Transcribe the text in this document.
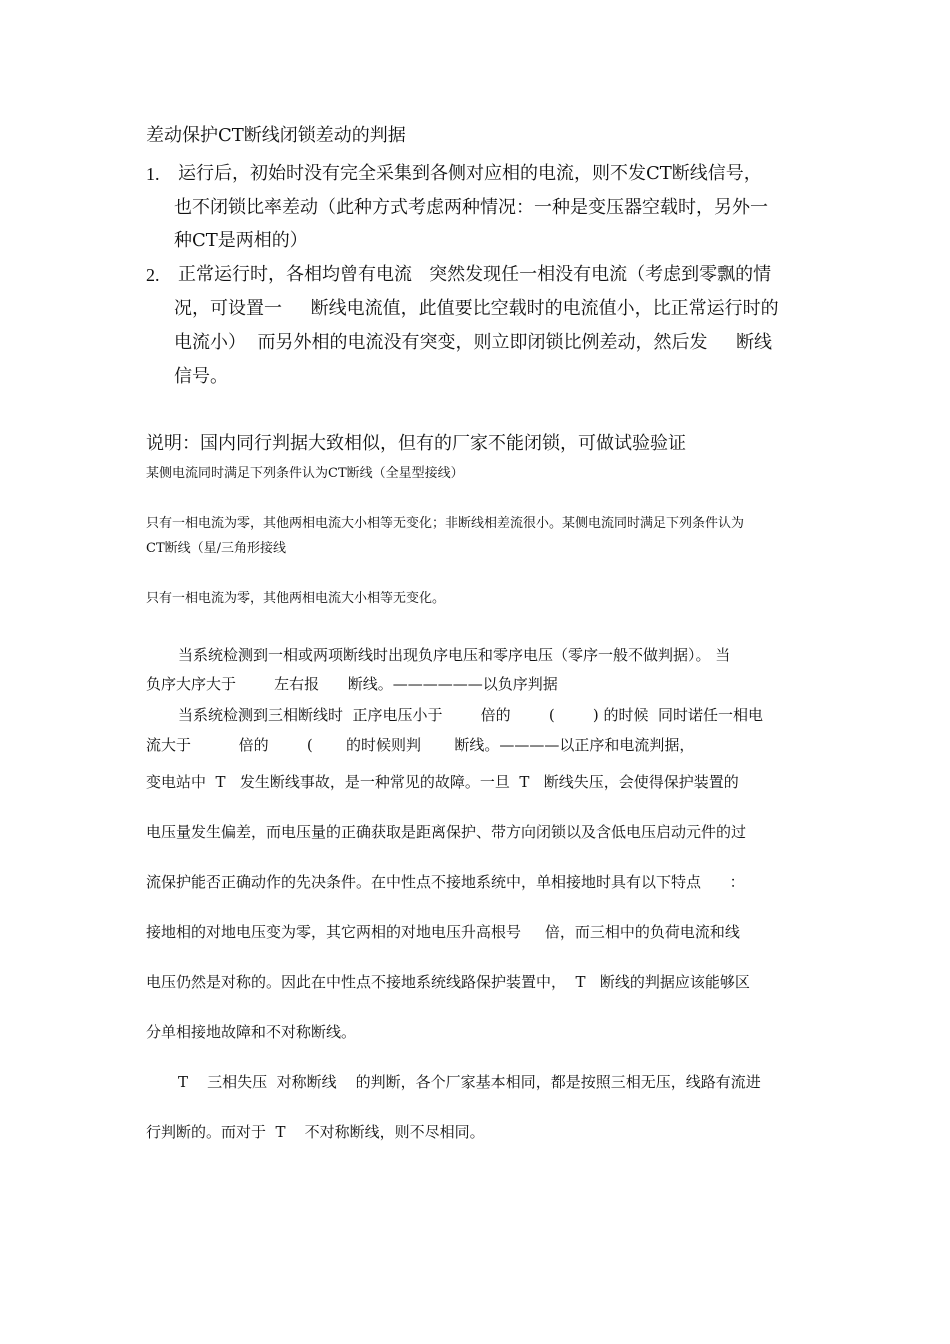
差动保护CT断线闭锁差动的判据
1. 运行后，初始时没有完全采集到各侧对应相的电流，则不发CT断线信号，
也不闭锁比率差动（此种方式考虑两种情况：一种是变压器空载时，另外一
种CT是两相的）
2. 正常运行时，各相均曾有电流   突然发现任一相没有电流（考虑到零飘的情
况，可设置一     断线电流值，此值要比空载时的电流值小，比正常运行时的
电流小）  而另外相的电流没有突变，则立即闭锁比例差动，然后发     断线
信号。
说明：国内同行判据大致相似，但有的厂家不能闭锁，可做试验验证
某侧电流同时满足下列条件认为CT断线（全星型接线）
只有一相电流为零，其他两相电流大小相等无变化；非断线相差流很小。某侧电流同时满足下列条件认为
CT断线（星/三角形接线
只有一相电流为零，其他两相电流大小相等无变化。
当系统检测到一相或两项断线时出现负序电压和零序电压（零序一般不做判据）。 当
负序大序大于        左右报      断线。——————以负序判据
当系统检测到三相断线时  正序电压小于        倍的        (        ) 的时候  同时诺任一相电
流大于          倍的        (       的时候则判       断线。————以正序和电流判据，
变电站中  T   发生断线事故，是一种常见的故障。一旦  T   断线失压，会使得保护装置的
电压量发生偏差，而电压量的正确获取是距离保护、带方向闭锁以及含低电压启动元件的过
流保护能否正确动作的先决条件。在中性点不接地系统中，单相接地时具有以下特点      ：
接地相的对地电压变为零，其它两相的对地电压升高根号     倍，而三相中的负荷电流和线
电压仍然是对称的。因此在中性点不接地系统线路保护装置中，  T   断线的判据应该能够区
分单相接地故障和不对称断线。
T    三相失压  对称断线    的判断，各个厂家基本相同，都是按照三相无压，线路有流进
行判断的。而对于  T    不对称断线，则不尽相同。
